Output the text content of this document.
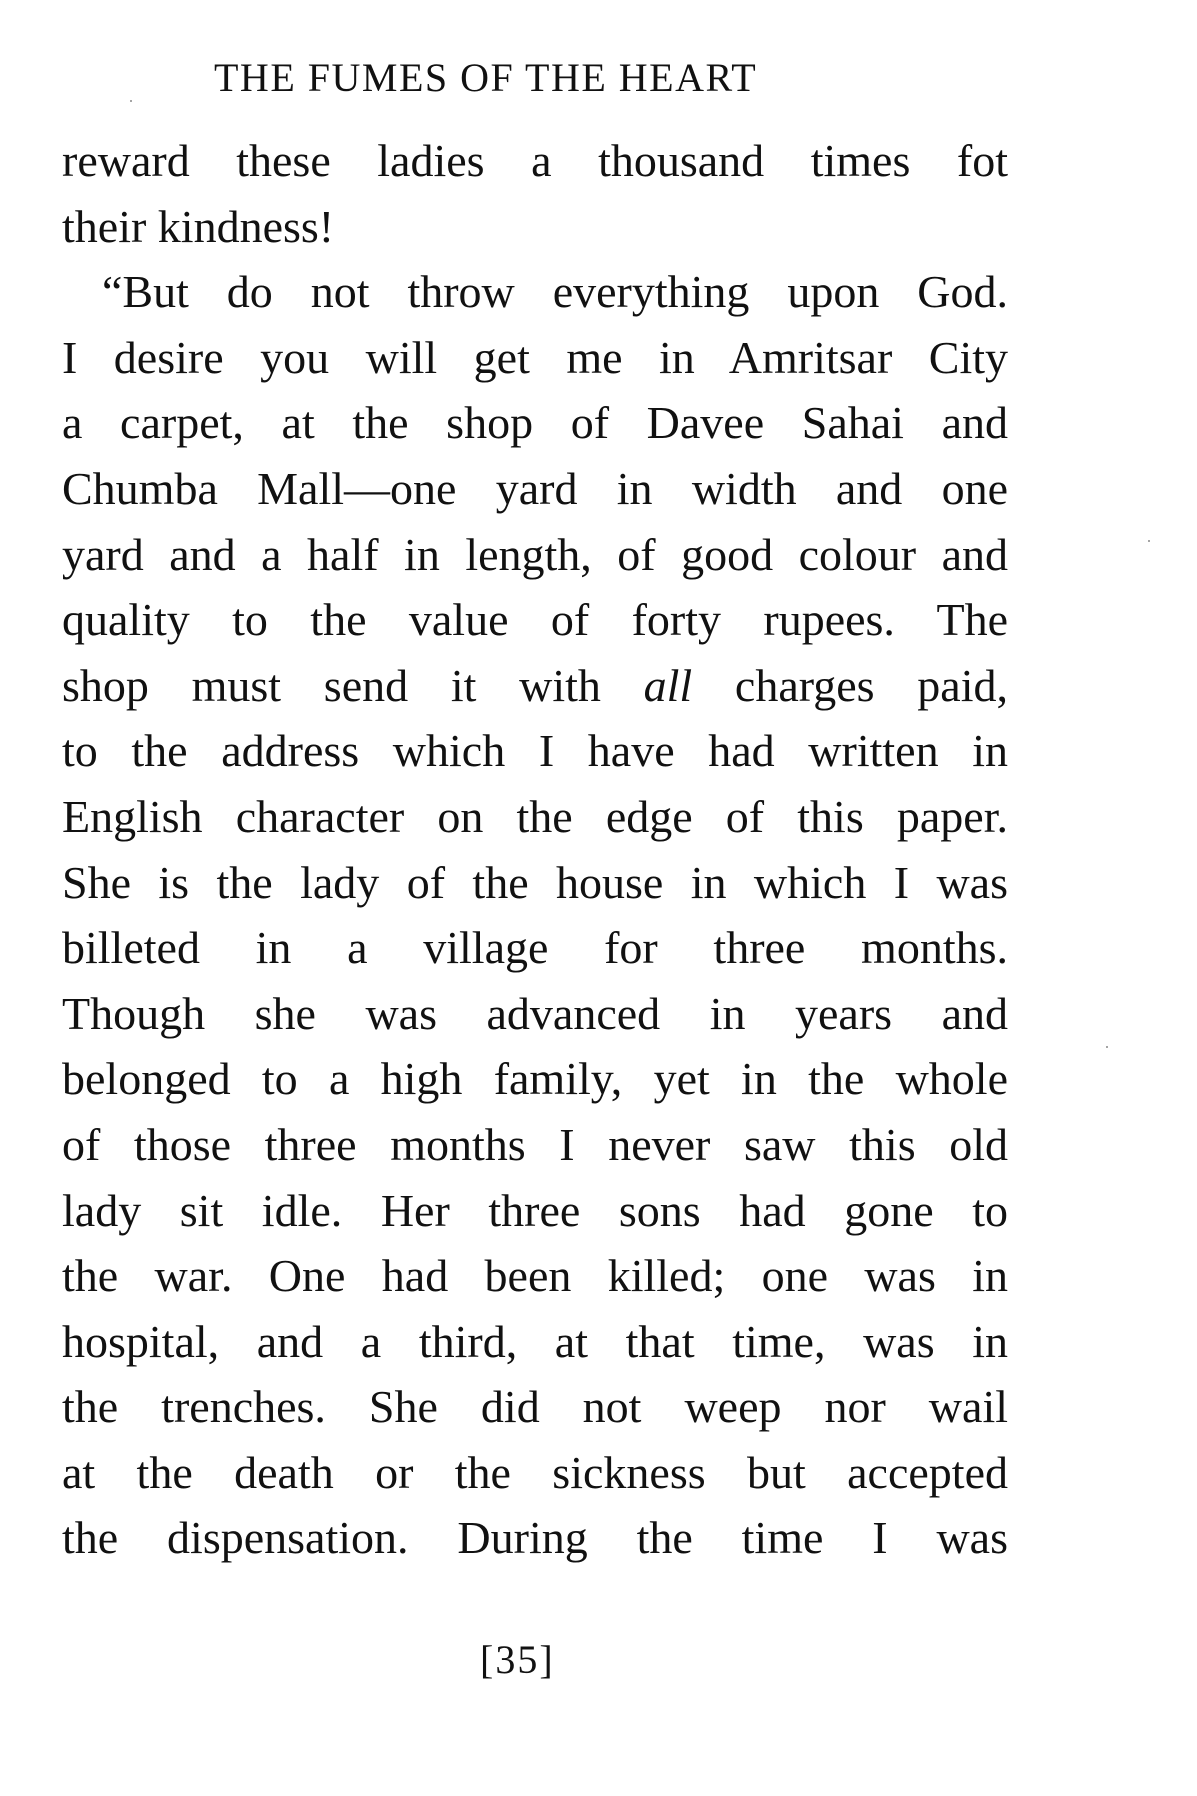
THE FUMES OF THE HEART
reward these ladies a thousand times fot
their kindness!
“But do not throw everything upon God.
I desire you will get me in Amritsar City
a carpet, at the shop of Davee Sahai and
Chumba Mall—one yard in width and one
yard and a half in length, of good colour and
quality to the value of forty rupees. The
shop must send it with all charges paid,
to the address which I have had written in
English character on the edge of this paper.
She is the lady of the house in which I was
billeted in a village for three months.
Though she was advanced in years and
belonged to a high family, yet in the whole
of those three months I never saw this old
lady sit idle. Her three sons had gone to
the war. One had been killed; one was in
hospital, and a third, at that time, was in
the trenches. She did not weep nor wail
at the death or the sickness but accepted
the dispensation. During the time I was
[35]
